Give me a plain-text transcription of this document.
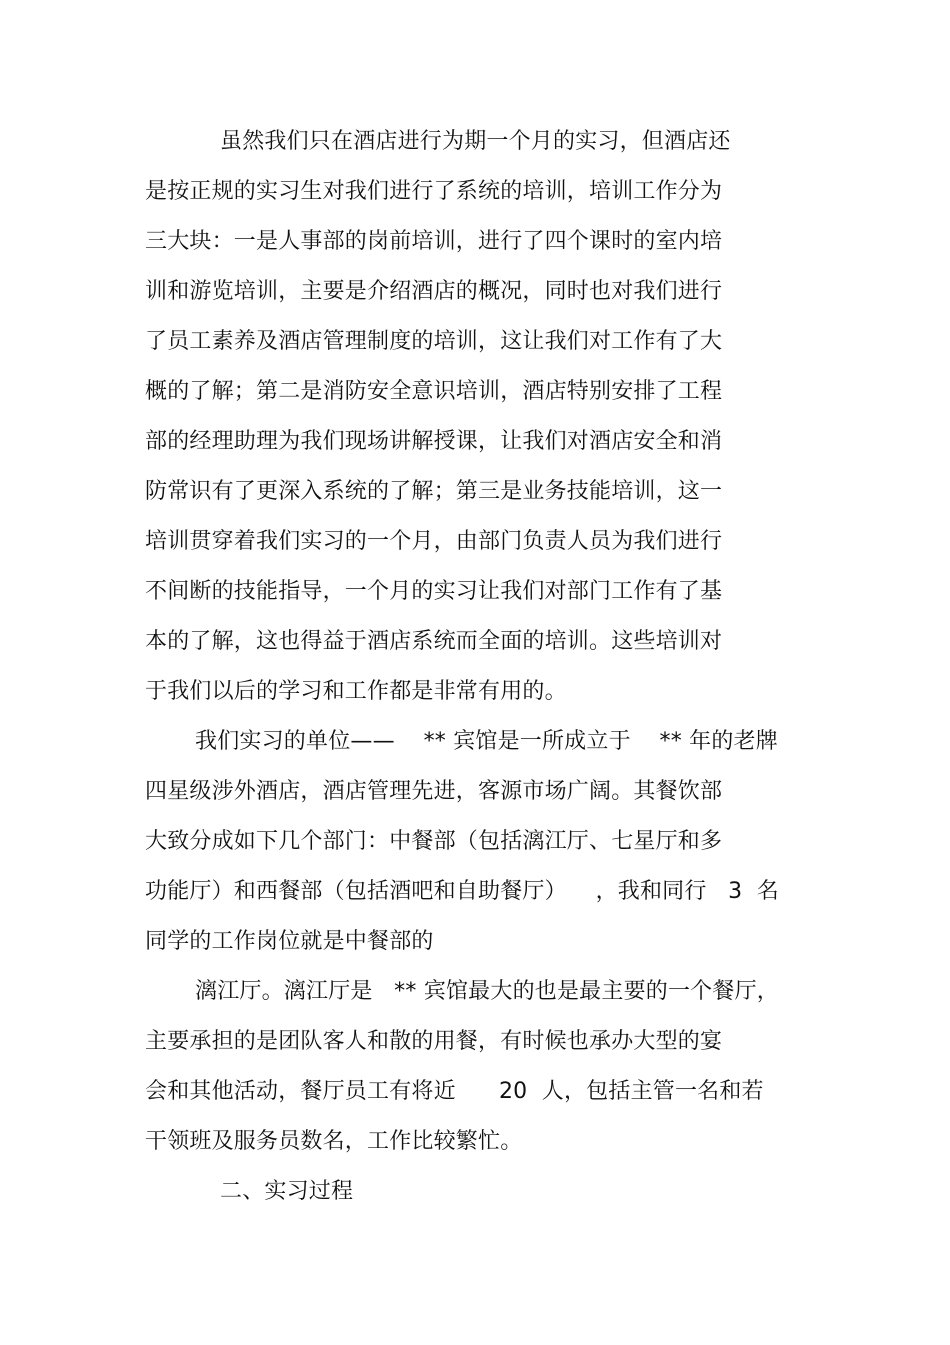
虽然我们只在酒店进行为期一个月的实习，但酒店还
是按正规的实习生对我们进行了系统的培训，培训工作分为
三大块：一是人事部的岗前培训，进行了四个课时的室内培
训和游览培训，主要是介绍酒店的概况，同时也对我们进行
了员工素养及酒店管理制度的培训，这让我们对工作有了大
概的了解；第二是消防安全意识培训，酒店特别安排了工程
部的经理助理为我们现场讲解授课，让我们对酒店安全和消
防常识有了更深入系统的了解；第三是业务技能培训，这一
培训贯穿着我们实习的一个月，由部门负责人员为我们进行
不间断的技能指导，一个月的实习让我们对部门工作有了基
本的了解，这也得益于酒店系统而全面的培训。这些培训对
于我们以后的学习和工作都是非常有用的。
我们实习的单位——    ** 宾馆是一所成立于    ** 年的老牌
四星级涉外酒店，酒店管理先进，客源市场广阔。其餐饮部
大致分成如下几个部门：中餐部（包括漓江厅、七星厅和多
功能厅）和西餐部（包括酒吧和自助餐厅）    ，我和同行   3  名
同学的工作岗位就是中餐部的
漓江厅。漓江厅是   ** 宾馆最大的也是最主要的一个餐厅，
主要承担的是团队客人和散的用餐，有时候也承办大型的宴
会和其他活动，餐厅员工有将近      20  人，包括主管一名和若
干领班及服务员数名，工作比较繁忙。
二、实习过程
